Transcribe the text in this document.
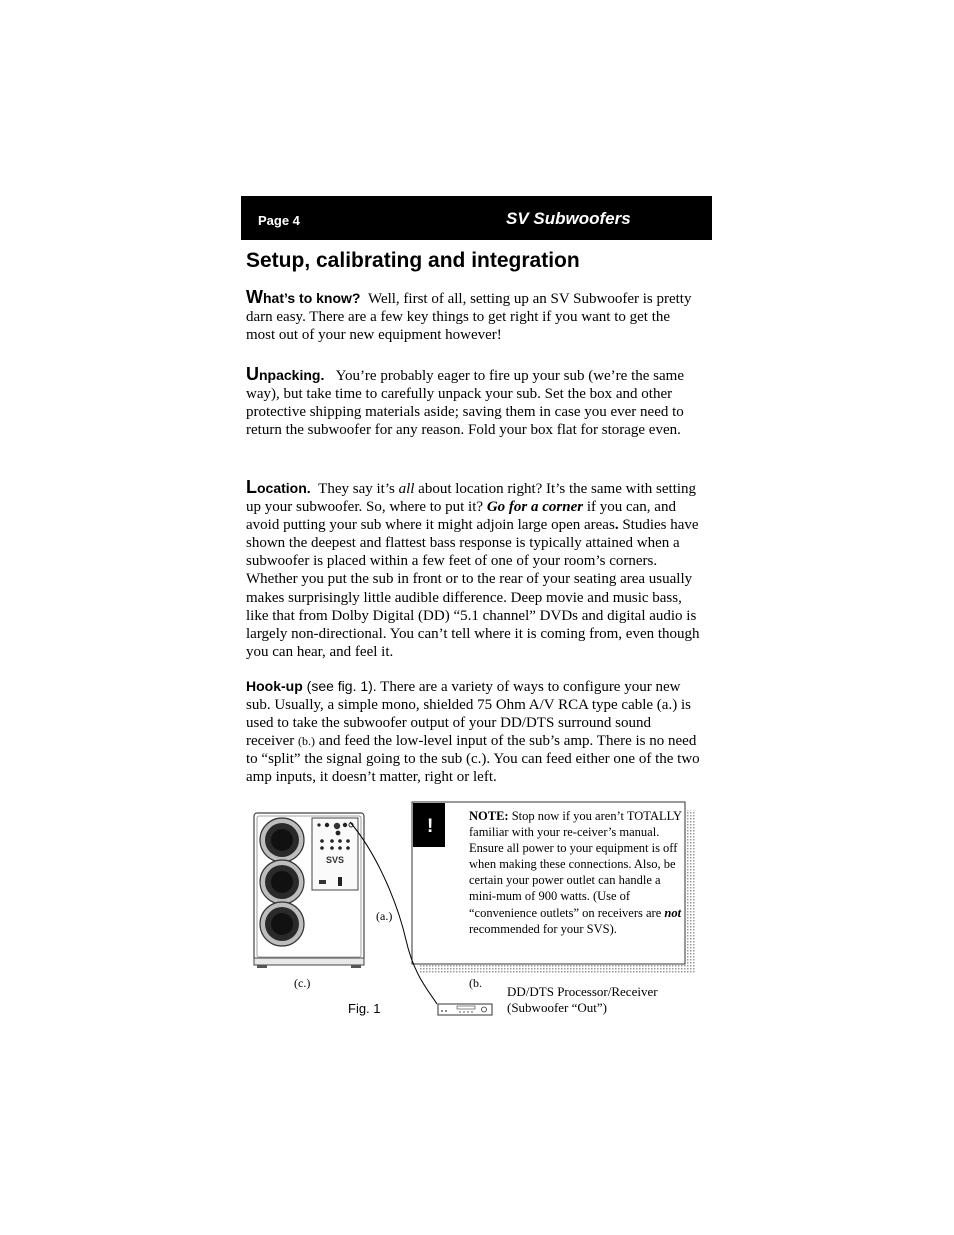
Page 4	SV Subwoofers
Setup, calibrating and integration

What’s to know? Well, first of all, setting up an SV Subwoofer is pretty darn easy. There are a few key things to get right if you want to get the most out of your new equipment however!

Unpacking. You’re probably eager to fire up your sub (we’re the same way), but take time to carefully unpack your sub. Set the box and other protective shipping materials aside; saving them in case you ever need to return the subwoofer for any reason. Fold your box flat for storage even.

Location. They say it’s all about location right? It’s the same with setting up your subwoofer. So, where to put it? Go for a corner if you can, and avoid putting your sub where it might adjoin large open areas. Studies have shown the deepest and flattest bass response is typically attained when a subwoofer is placed within a few feet of one of your room’s corners. Whether you put the sub in front or to the rear of your seating area usually makes surprisingly little audible difference. Deep movie and music bass, like that from Dolby Digital (DD) “5.1 channel” DVDs and digital audio is largely non-directional. You can’t tell where it is coming from, even though you can hear, and feel it.

Hook-up (see fig. 1). There are a variety of ways to configure your new sub. Usually, a simple mono, shielded 75 Ohm A/V RCA type cable (a.) is used to take the subwoofer output of your DD/DTS surround sound receiver (b.) and feed the low-level input of the sub’s amp. There is no need to “split” the signal going to the sub (c.). You can feed either one of the two amp inputs, it doesn’t matter, right or left.

SVS
!	NOTE: Stop now if you aren’t TOTALLY familiar with your re-ceiver’s manual. Ensure all power to your equipment is off when making these connections. Also, be certain your power outlet can handle a mini-mum of 900 watts. (Use of “convenience outlets” on receivers are not recommended for your SVS).
(a.)
(b.
(c.)
Fig. 1
DD/DTS Processor/Receiver
(Subwoofer “Out”)
